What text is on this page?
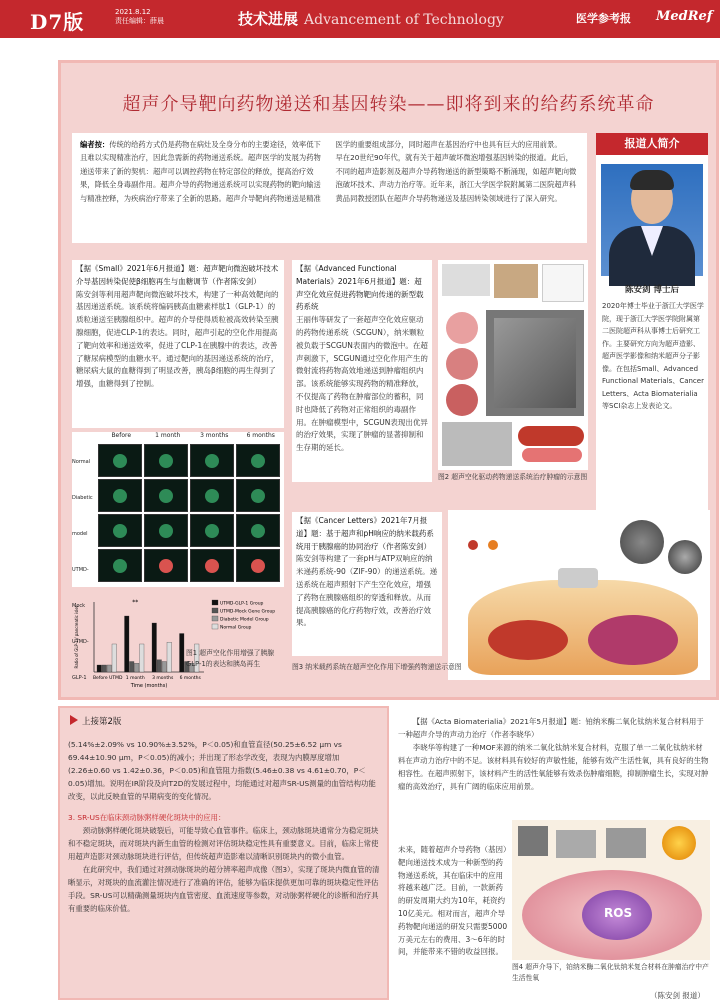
D7版	2021.8.12
责任编辑：薛晨	技术进展 Advancement of Technology	医学参考报 MedRef
超声介导靶向药物递送和基因转染——即将到来的给药系统革命
编者按：传统的给药方式仍是药物在病灶及全身分布的主要途径，效率低下且难以实现精准治疗，因此急需新的药物递送系统。超声医学的发展为药物递送带来了新的契机：超声可以调控药物在特定部位的释放，提高治疗效果，降低全身毒副作用。超声介导的药物递送系统可以实现药物的靶向输送与精准控释，为疾病治疗带来了全新的思路。超声介导靶向药物递送是精准医学的重要组成部分，同时超声在基因治疗中也具有巨大的应用前景。
早在20世纪90年代，就有关于超声破坏微泡增强基因转染的报道。此后，不同的超声造影剂及超声介导药物递送的新型策略不断涌现，如超声靶向微泡破坏技术、声动力治疗等。近年来，浙江大学医学院附属第二医院超声科黄品同教授团队在超声介导药物递送及基因转染领域进行了深入研究。
报道人简介
陈安剑 博士后
2020年博士毕业于浙江大学医学院，现于浙江大学医学院附属第二医院超声科从事博士后研究工作。主要研究方向为超声造影、超声医学影像和纳米超声分子影像。在包括Small、Advanced Functional Materials、Cancer Letters、Acta Biomaterialia等SCI杂志上发表论文。
【据《Small》2021年6月报道】题：超声靶向微泡破坏技术介导基因转染促使β细胞再生与血糖调节（作者陈安剑）
陈安剑等利用超声靶向微泡破坏技术，构建了一种高效靶向的基因递送系统。该系统将编码胰高血糖素样肽1（GLP-1）的质粒递送至胰腺组织中。超声的介导使得质粒被高效转染至胰腺细胞，促进CLP-1的表达。同时，超声引起的空化作用提高了靶向效率和递送效率，促进了CLP-1在胰腺中的表达，改善了糖尿病模型的血糖水平。通过靶向的基因递送系统的治疗，糖尿病大鼠的血糖得到了明显改善，胰岛β细胞的再生得到了增强，血糖得到了控制。
Before	1 month	3 months	6 months
Normal
Diabetic model
UTMD-Mock
UTMD-GLP-1	Before UTMD 1 month 3 months 6 months
Ratio of GLP-1 / pancreatic islet
Time (months)
**	UTMD-GLP-1 Group
UTMD-Mock Gene Group
Diabetic Model Group
Normal Group
图1 超声空化作用增强了胰腺GLP-1的表达和胰岛再生
【据《Advanced Functional Materials》2021年6月报道】题：超声空化效应促进药物靶向传递的新型载药系统
王丽伟等研发了一套超声空化效应驱动的药物传递系统（SCGUN），纳米颗粒被负载于SCGUN表面内的微泡中。在超声刺激下，SCGUN通过空化作用产生的微射流将药物高效地递送到肿瘤组织内部。该系统能够实现药物的精准释放，不仅提高了药物在肿瘤部位的蓄积，同时也降低了药物对正常组织的毒副作用。在肿瘤模型中，SCGUN表现出优异的治疗效果，实现了肿瘤的显著抑制和生存期的延长。
图2 超声空化驱动药物递送系统治疗肿瘤的示意图
【据《Cancer Letters》2021年7月报道】题：基于超声和pH响应的纳米载药系统用于胰腺癌的协同治疗（作者陈安剑）
陈安剑等构建了一套pH与ATP双响应的纳米递药系统-90（ZIF-90）的递送系统。递送系统在超声照射下产生空化效应，增强了药物在胰腺癌组织的穿透和释放。从而提高胰腺癌的化疗药物疗效，改善治疗效果。
图3 纳米载药系统在超声空化作用下增强药物递送示意图
上接第2版
(5.14%±2.09% vs 10.90%±3.52%，P＜0.05)和血管直径(50.25±6.52 μm vs 69.44±10.90 μm，P＜0.05)的减小；并出现了形态学改变，表现为内膜厚度增加(2.26±0.60 vs 1.42±0.36，P＜0.05)和血管阻力指数(5.46±0.38 vs 4.61±0.70，P＜0.05)增加。说明在IR阶段及向T2D的发展过程中，均能通过对超声SR-US测量的血管结构功能改变，以此反映血管的早期病变的变化情况。
3. SR-US在临床颈动脉粥样硬化斑块中的应用：
颈动脉粥样硬化斑块破裂后，可能导致心血管事件。临床上，颈动脉斑块通常分为稳定斑块和不稳定斑块，而对斑块内新生血管的检测对评估斑块稳定性具有重要意义。目前，临床上常使用超声造影对颈动脉斑块进行评估，但传统超声造影难以清晰识别斑块内的微小血管。
在此研究中，我们通过对颈动脉斑块的超分辨率超声成像（图3），实现了斑块内微血管的清晰显示，对斑块的血流灌注情况进行了准确的评估，能够为临床提供更加可靠的斑块稳定性评估手段。SR-US可以精确测量斑块内血管密度、血流速度等参数，对动脉粥样硬化的诊断和治疗具有重要的临床价值。
【据《Acta Biomaterialia》2021年5月报道】题：铂纳米酶二氧化钛纳米复合材料用于一种超声介导的声动力治疗（作者李晓华）
李晓华等构建了一种MOF来源的纳米二氧化钛纳米复合材料，克服了单一二氧化钛纳米材料在声动力治疗中的不足。该材料具有较好的声敏性能，能够有效产生活性氧，具有良好的生物相容性。在超声照射下，该材料产生的活性氧能够有效杀伤肿瘤细胞，抑制肿瘤生长，实现对肿瘤的高效治疗，具有广阔的临床应用前景。
未来，随着超声介导药物（基因）靶向递送技术成为一种新型的药物递送系统，其在临床中的应用将越来越广泛。目前，一款新药的研发周期大约为10年，耗资约10亿美元。相对而言，超声介导药物靶向递送的研发只需要5000万美元左右的费用、3～6年的时间，并能带来不错的收益回报。
ROS
图4 超声介导下，铂纳米酶二氧化钛纳米复合材料在肿瘤治疗中产生活性氧
（陈安剑 报道）
